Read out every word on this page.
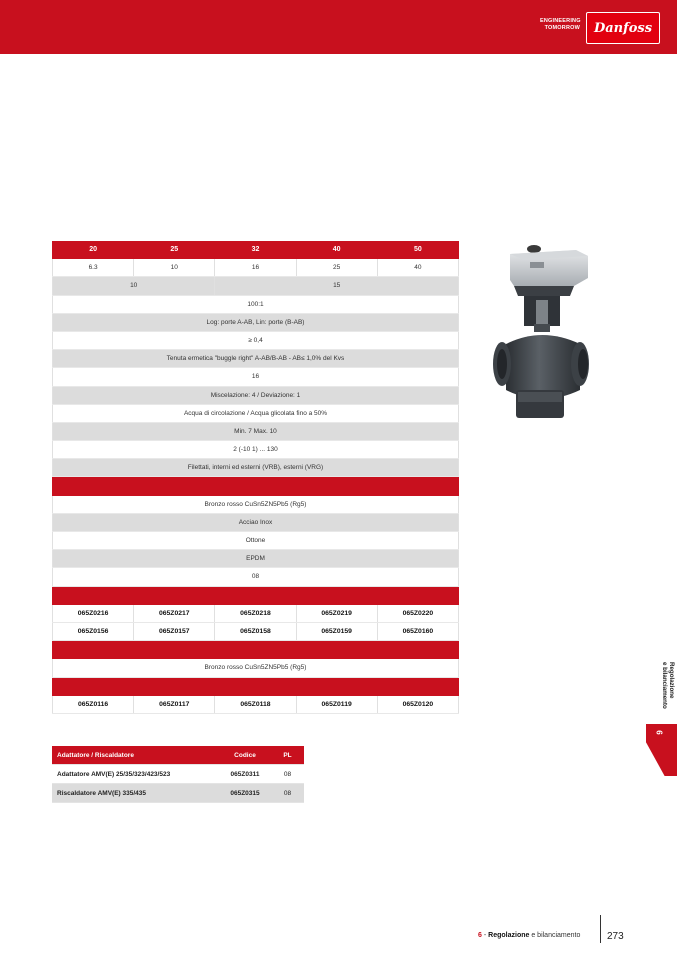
ENGINEERING
TOMORROW Danfoss
20	25	32	40	50
6.3	10	16	25	40
10		15		
100:1				
Log: porte A-AB, Lin: porte (B-AB)				
≥ 0,4				
Tenuta ermetica "buggle right" A-AB/B-AB - AB≤ 1,0% del Kvs				
16				
Miscelazione: 4 / Deviazione: 1				
Acqua di circolazione / Acqua glicolata fino a 50%				
Min. 7 Max. 10				
2 (-10 1) ... 130				
Filettati, interni ed esterni (VRB), esterni (VRG)				

Bronzo rosso CuSn5ZN5Pb5 (Rg5)				
Acciao Inox				
Ottone				
EPDM				
08				

065Z0216	065Z0217	065Z0218	065Z0219	065Z0220
065Z0156	065Z0157	065Z0158	065Z0159	065Z0160

Bronzo rosso CuSn5ZN5Pb5 (Rg5)				

065Z0116	065Z0117	065Z0118	065Z0119	065Z0120
Regolazione
e bilanciamento
6
Adattatore / Riscaldatore	Codice	PL
Adattatore AMV(E) 25/35/323/423/523	065Z0311	08
Riscaldatore AMV(E) 335/435	065Z0315	08
6 - Regolazione e bilanciamento	273
